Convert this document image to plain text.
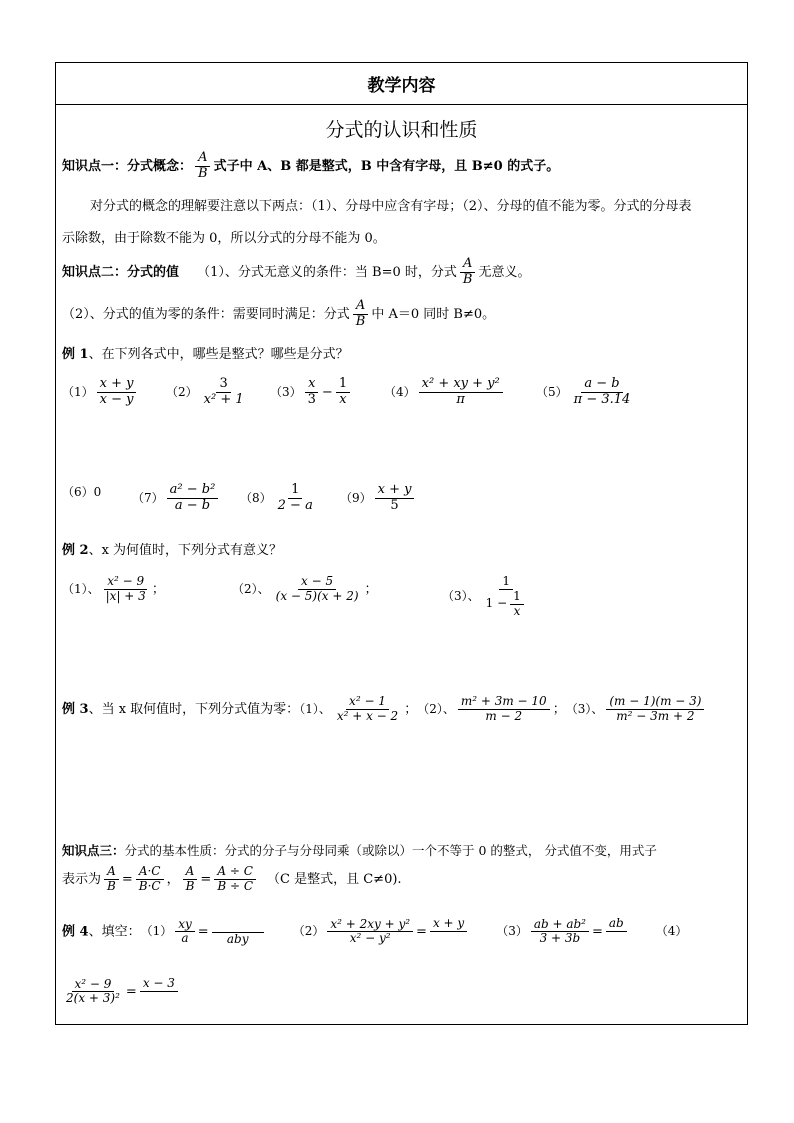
教学内容
分式的认识和性质
知识点一：分式概念： $\frac{A}{B}$ 式子中 A、B 都是整式，B 中含有字母，且 B≠0 的式子。
对分式的概念的理解要注意以下两点：（1）、分母中应含有字母；（2）、分母的值不能为零。分式的分母表
示除数，由于除数不能为 0，所以分式的分母不能为 0。
知识点二：分式的值 （1）、分式无意义的条件：当 B=0 时，分式 $\frac{A}{B}$ 无意义。
（2）、分式的值为零的条件：需要同时满足：分式 $\frac{A}{B}$ 中 A＝0 同时 B≠0。
例 1、在下列各式中，哪些是整式？哪些是分式？
$(1) \frac{x + y}{x - y} (2) \frac{3}{\text{x² + 1}} (3) \frac{x}{3} - \frac{1}{x}$	$(4) \frac{\text{x² + xy + y²}}{\pi}$	$(5) \frac{a - b}{\pi - 3.14}$
（6）0	$(7) \frac{\text{a² − b²}}{a - b} (8) \frac{1}{2 - a} (9) \frac{x + y}{5}$
例 2、x 为何值时，下列分式有意义？
（1）、 $\frac{\text{x² − 9}}{|x| + 3}$ ；	（2）、 $\frac{x - 5}{(x - 5)(x + 2)}$ ；	（3）、 $\frac{1}{1 - \frac{1}{x}}$
例 3、当 x 取何值时，下列分式值为零：（1）、 $\frac{\text{x² − 1}}{\text{x² + x − 2}}$ ； （2）、 $\frac{\text{m² + 3m − 10}}{m - 2}$ ； （3）、 $\frac{(m - 1)(m - 3)}{\text{m² − 3m + 2}}$
知识点三：分式的基本性质：分式的分子与分母同乘（或除以）一个不等于 0 的整式， 分式值不变，用式子
表示为 $\frac{A}{B} = \frac{A\cdot C}{B\cdot C}$ ， $\frac{A}{B} = \frac{A \div C}{B \div C} (C$ 是整式，且 C≠0).
例 4、填空： $(1) \frac{xy}{a}$ = aby
$(2) \frac{\text{x² + 2xy + y²}}{\text{x² − y²}}$ =
x + y
$(3) \frac{\text{ab + ab²}}{3 + 3b}$ =
ab
（4）
$\frac{\text{x² − 9}}{\text{2(x + 3)²}}$ =
x − 3
